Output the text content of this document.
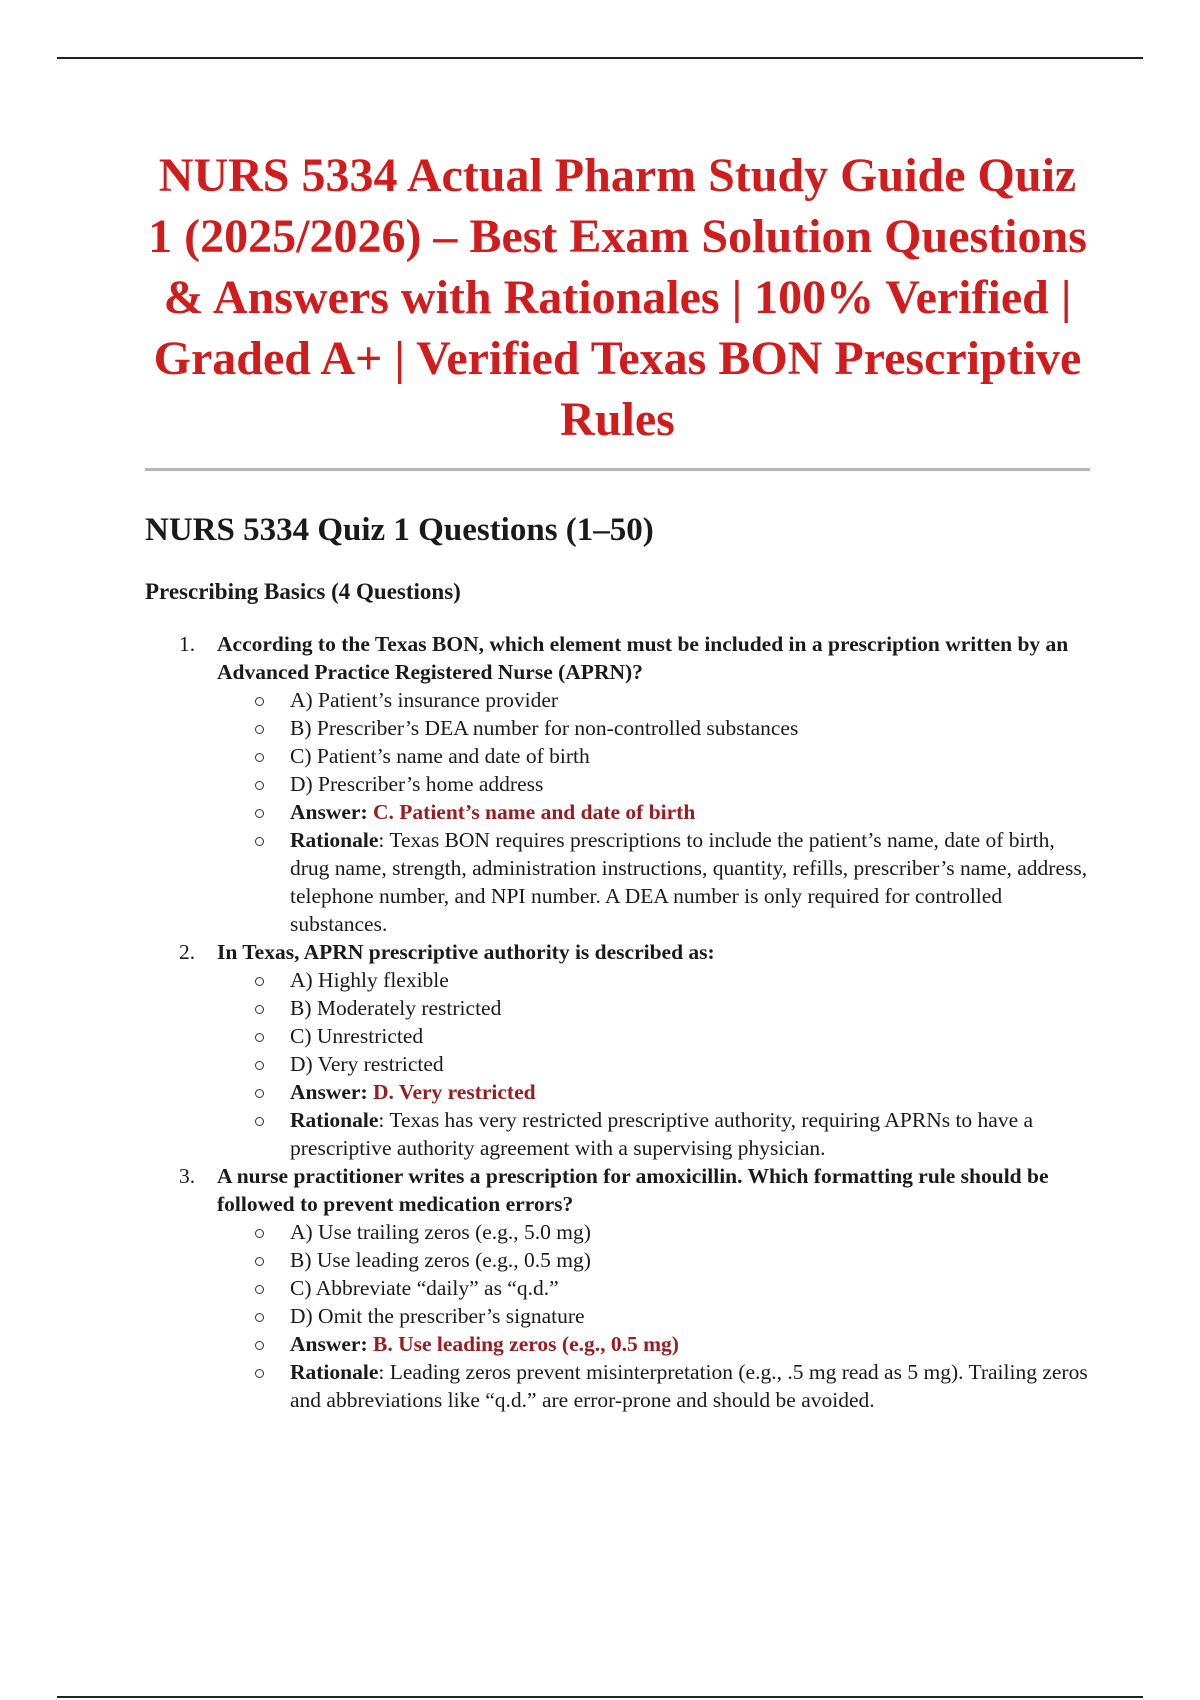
NURS 5334 Actual Pharm Study Guide Quiz 1 (2025/2026) – Best Exam Solution Questions & Answers with Rationales | 100% Verified | Graded A+ | Verified Texas BON Prescriptive Rules
NURS 5334 Quiz 1 Questions (1–50)
Prescribing Basics (4 Questions)
1. According to the Texas BON, which element must be included in a prescription written by an Advanced Practice Registered Nurse (APRN)?
A) Patient’s insurance provider
B) Prescriber’s DEA number for non-controlled substances
C) Patient’s name and date of birth
D) Prescriber’s home address
Answer: C. Patient’s name and date of birth
Rationale: Texas BON requires prescriptions to include the patient’s name, date of birth, drug name, strength, administration instructions, quantity, refills, prescriber’s name, address, telephone number, and NPI number. A DEA number is only required for controlled substances.
2. In Texas, APRN prescriptive authority is described as:
A) Highly flexible
B) Moderately restricted
C) Unrestricted
D) Very restricted
Answer: D. Very restricted
Rationale: Texas has very restricted prescriptive authority, requiring APRNs to have a prescriptive authority agreement with a supervising physician.
3. A nurse practitioner writes a prescription for amoxicillin. Which formatting rule should be followed to prevent medication errors?
A) Use trailing zeros (e.g., 5.0 mg)
B) Use leading zeros (e.g., 0.5 mg)
C) Abbreviate “daily” as “q.d.”
D) Omit the prescriber’s signature
Answer: B. Use leading zeros (e.g., 0.5 mg)
Rationale: Leading zeros prevent misinterpretation (e.g., .5 mg read as 5 mg). Trailing zeros and abbreviations like “q.d.” are error-prone and should be avoided.
